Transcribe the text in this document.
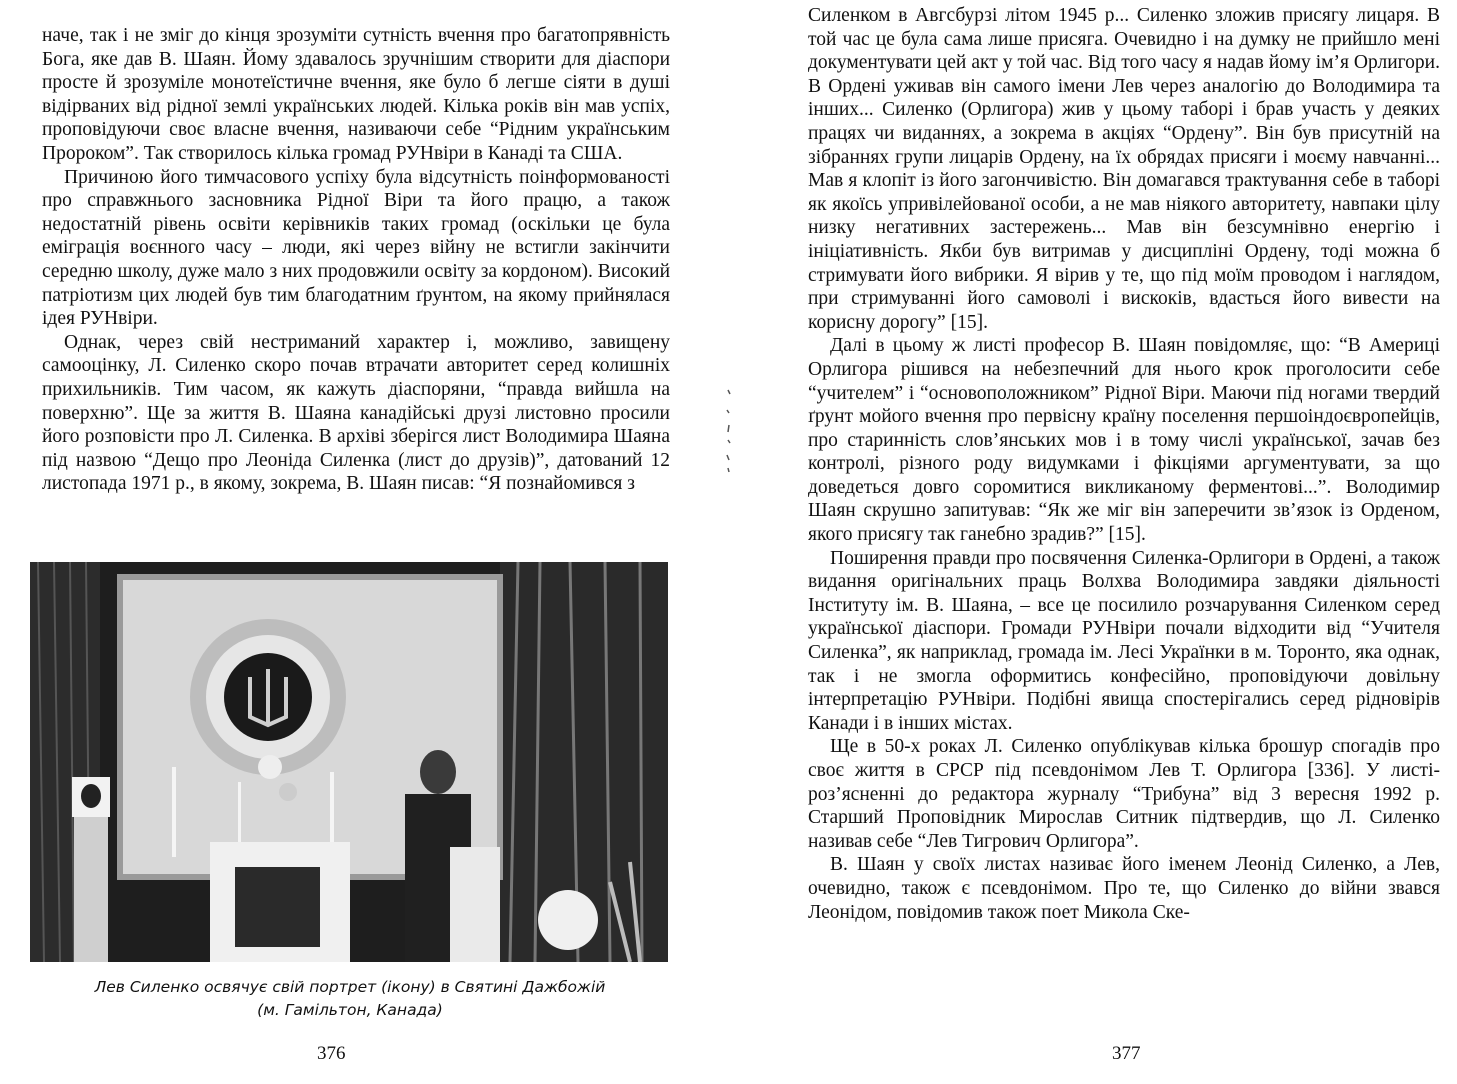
наче, так і не зміг до кінця зрозуміти сутність вчення про багатопрявність Бога, яке дав В. Шаян. Йому здавалось зручнішим створити для діаспори просте й зрозуміле монотеїстичне вчення, яке було б легше сіяти в душі відірваних від рідної землі українських людей. Кілька років він мав успіх, проповідуючи своє власне вчення, називаючи себе “Рідним українським Пророком”. Так створилось кілька громад РУНвіри в Канаді та США.

Причиною його тимчасового успіху була відсутність поінформованості про справжнього засновника Рідної Віри та його працю, а також недостатній рівень освіти керівників таких громад (оскільки це була еміграція воєнного часу – люди, які через війну не встигли закінчити середню школу, дуже мало з них продовжили освіту за кордоном). Високий патріотизм цих людей був тим благодатним ґрунтом, на якому прийнялася ідея РУНвіри.

Однак, через свій нестриманий характер і, можливо, завищену самооцінку, Л. Силенко скоро почав втрачати авторитет серед колишніх прихильників. Тим часом, як кажуть діаспоряни, “правда вийшла на поверхню”. Ще за життя В. Шаяна канадійські друзі листовно просили його розповісти про Л. Силенка. В архіві зберігся лист Володимира Шаяна під назвою “Дещо про Леоніда Силенка (лист до друзів)”, датований 12 листопада 1971 р., в якому, зокрема, В. Шаян писав: “Я познайомився з

Лев Силенко освячує свій портрет (ікону) в Святині Дажбожій
(м. Гамільтон, Канада)
376

Силенком в Авгсбурзі літом 1945 р... Силенко зложив присягу лицаря. В той час це була сама лише присяга. Очевидно і на думку не прийшло мені документувати цей акт у той час. Від того часу я надав йому ім’я Орлигори. В Ордені уживав він самого імени Лев через аналогію до Володимира та інших... Силенко (Орлигора) жив у цьому таборі і брав участь у деяких працях чи виданнях, а зокрема в акціях “Ордену”. Він був присутній на зібраннях групи лицарів Ордену, на їх обрядах присяги і моєму навчанні... Мав я клопіт із його загончивістю. Він домагався трактування себе в таборі як якоїсь упривілейованої особи, а не мав ніякого авторитету, навпаки цілу низку негативних застережень... Мав він безсумнівно енергію і ініціативність. Якби був витримав у дисципліні Ордену, тоді можна б стримувати його вибрики. Я вірив у те, що під моїм проводом і наглядом, при стримуванні його самоволі і вискоків, вдасться його вивести на корисну дорогу” [15].

Далі в цьому ж листі професор В. Шаян повідомляє, що: “В Америці Орлигора рішився на небезпечний для нього крок проголосити себе “учителем” і “основоположником” Рідної Віри. Маючи під ногами твердий ґрунт мойого вчення про первісну країну поселення першоіндоєвропейців, про старинність слов’янських мов і в тому числі української, зачав без контролі, різного роду видумками і фікціями аргументувати, за що доведеться довго соромитися викликаному ферментові...”. Володимир Шаян скрушно запитував: “Як же міг він заперечити зв’язок із Орденом, якого присягу так ганебно зрадив?” [15].

Поширення правди про посвячення Силенка-Орлигори в Ордені, а також видання оригінальних праць Волхва Володимира завдяки діяльності Інституту ім. В. Шаяна, – все це посилило розчарування Силенком серед української діаспори. Громади РУНвіри почали відходити від “Учителя Силенка”, як наприклад, громада ім. Лесі Українки в м. Торонто, яка однак, так і не змогла оформитись конфесійно, проповідуючи довільну інтерпретацію РУНвіри. Подібні явища спостерігались серед рідновірів Канади і в інших містах.

Ще в 50-х роках Л. Силенко опублікував кілька брошур спогадів про своє життя в СРСР під псевдонімом Лев Т. Орлигора [336]. У листі-роз’ясненні до редактора журналу “Трибуна” від 3 вересня 1992 р. Старший Проповідник Мирослав Ситник підтвердив, що Л. Силенко називав себе “Лев Тигрович Орлигора”.

В. Шаян у своїх листах називає його іменем Леонід Силенко, а Лев, очевидно, також є псевдонімом. Про те, що Силенко до війни звався Леонідом, повідомив також поет Микола Ске-

377
